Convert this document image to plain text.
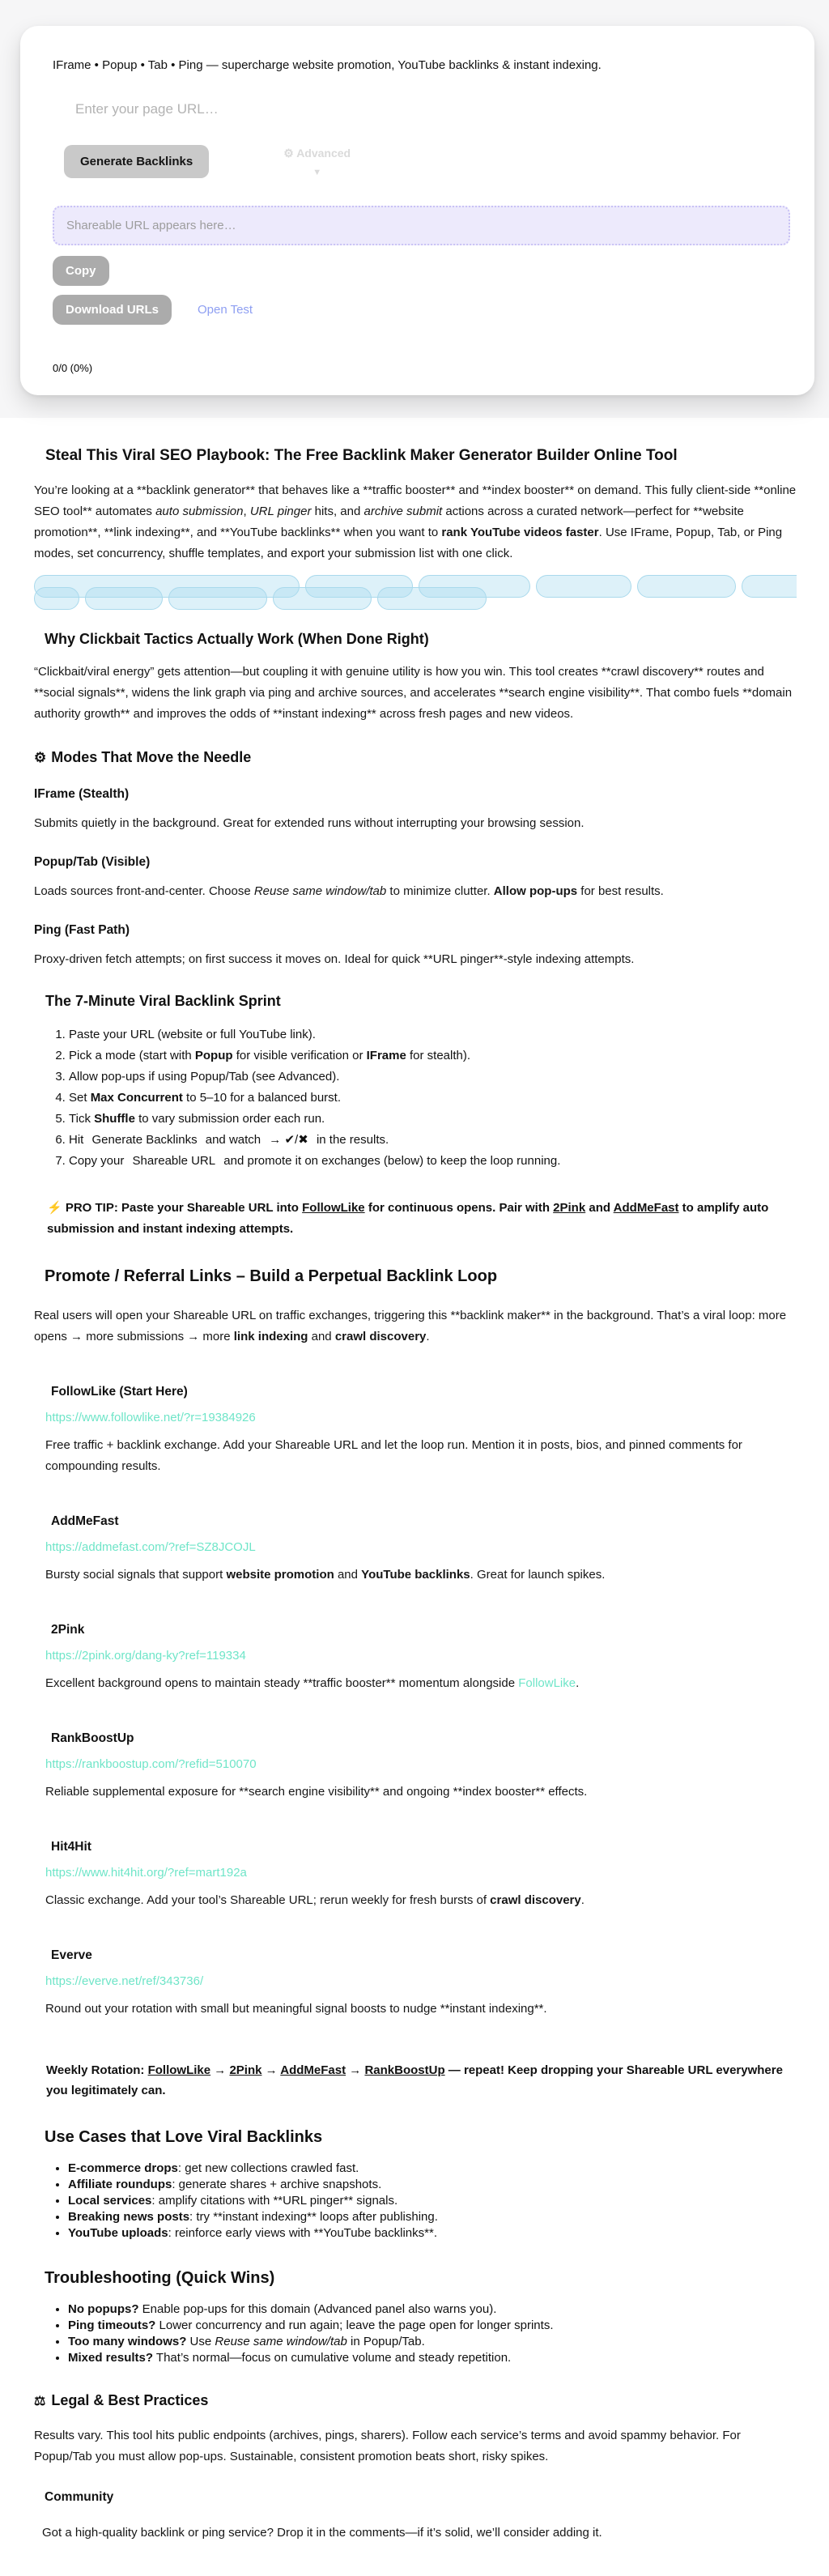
IFrame • Popup • Tab • Ping — supercharge website promotion, YouTube backlinks & instant indexing.
Enter your page URL…
Generate Backlinks
⚙ Advanced
▼
Shareable URL appears here…
Copy
Download URLs	Open Test
0/0 (0%)
Steal This Viral SEO Playbook: The Free Backlink Maker Generator Builder Online Tool

You’re looking at a **backlink generator** that behaves like a **traffic booster** and **index booster** on demand. This fully client-side **online SEO tool** automates auto submission, URL pinger hits, and archive submit actions across a curated network—perfect for **website promotion**, **link indexing**, and **YouTube backlinks** when you want to rank YouTube videos faster. Use IFrame, Popup, Tab, or Ping modes, set concurrency, shuffle templates, and export your submission list with one click.

Why Clickbait Tactics Actually Work (When Done Right)

“Clickbait/viral energy” gets attention—but coupling it with genuine utility is how you win. This tool creates **crawl discovery** routes and **social signals**, widens the link graph via ping and archive sources, and accelerates **search engine visibility**. That combo fuels **domain authority growth** and improves the odds of **instant indexing** across fresh pages and new videos.

⚙ Modes That Move the Needle
IFrame (Stealth)

Submits quietly in the background. Great for extended runs without interrupting your browsing session.

Popup/Tab (Visible)

Loads sources front-and-center. Choose Reuse same window/tab to minimize clutter. Allow pop-ups for best results.

Ping (Fast Path)

Proxy-driven fetch attempts; on first success it moves on. Ideal for quick **URL pinger**-style indexing attempts.

The 7-Minute Viral Backlink Sprint
1. Paste your URL (website or full YouTube link).
2. Pick a mode (start with Popup for visible verification or IFrame for stealth).
3. Allow pop-ups if using Popup/Tab (see Advanced).
4. Set Max Concurrent to 5–10 for a balanced burst.
5. Tick Shuffle to vary submission order each run.
6. Hit Generate Backlinks and watch → ✔/✖ in the results.
7. Copy your Shareable URL and promote it on exchanges (below) to keep the loop running.
⚡ PRO TIP: Paste your Shareable URL into FollowLike for continuous opens. Pair with 2Pink and AddMeFast to amplify auto submission and instant indexing attempts.
Promote / Referral Links – Build a Perpetual Backlink Loop

Real users will open your Shareable URL on traffic exchanges, triggering this **backlink maker** in the background. That’s a viral loop: more opens → more submissions → more link indexing and crawl discovery.

FollowLike (Start Here)
https://www.followlike.net/?r=19384926

Free traffic + backlink exchange. Add your Shareable URL and let the loop run. Mention it in posts, bios, and pinned comments for compounding results.

AddMeFast
https://addmefast.com/?ref=SZ8JCOJL

Bursty social signals that support website promotion and YouTube backlinks. Great for launch spikes.

2Pink
https://2pink.org/dang-ky?ref=119334

Excellent background opens to maintain steady **traffic booster** momentum alongside FollowLike.

RankBoostUp
https://rankboostup.com/?refid=510070

Reliable supplemental exposure for **search engine visibility** and ongoing **index booster** effects.

Hit4Hit
https://www.hit4hit.org/?ref=mart192a

Classic exchange. Add your tool’s Shareable URL; rerun weekly for fresh bursts of crawl discovery.

Everve
https://everve.net/ref/343736/

Round out your rotation with small but meaningful signal boosts to nudge **instant indexing**.

Weekly Rotation: FollowLike → 2Pink → AddMeFast → RankBoostUp — repeat! Keep dropping your Shareable URL everywhere you legitimately can.
Use Cases that Love Viral Backlinks
• E-commerce drops: get new collections crawled fast.
• Affiliate roundups: generate shares + archive snapshots.
• Local services: amplify citations with **URL pinger** signals.
• Breaking news posts: try **instant indexing** loops after publishing.
• YouTube uploads: reinforce early views with **YouTube backlinks**.
Troubleshooting (Quick Wins)
• No popups? Enable pop-ups for this domain (Advanced panel also warns you).
• Ping timeouts? Lower concurrency and run again; leave the page open for longer sprints.
• Too many windows? Use Reuse same window/tab in Popup/Tab.
• Mixed results? That’s normal—focus on cumulative volume and steady repetition.
⚖ Legal & Best Practices

Results vary. This tool hits public endpoints (archives, pings, sharers). Follow each service’s terms and avoid spammy behavior. For Popup/Tab you must allow pop-ups. Sustainable, consistent promotion beats short, risky spikes.

Community

Got a high-quality backlink or ping service? Drop it in the comments—if it’s solid, we’ll consider adding it.
